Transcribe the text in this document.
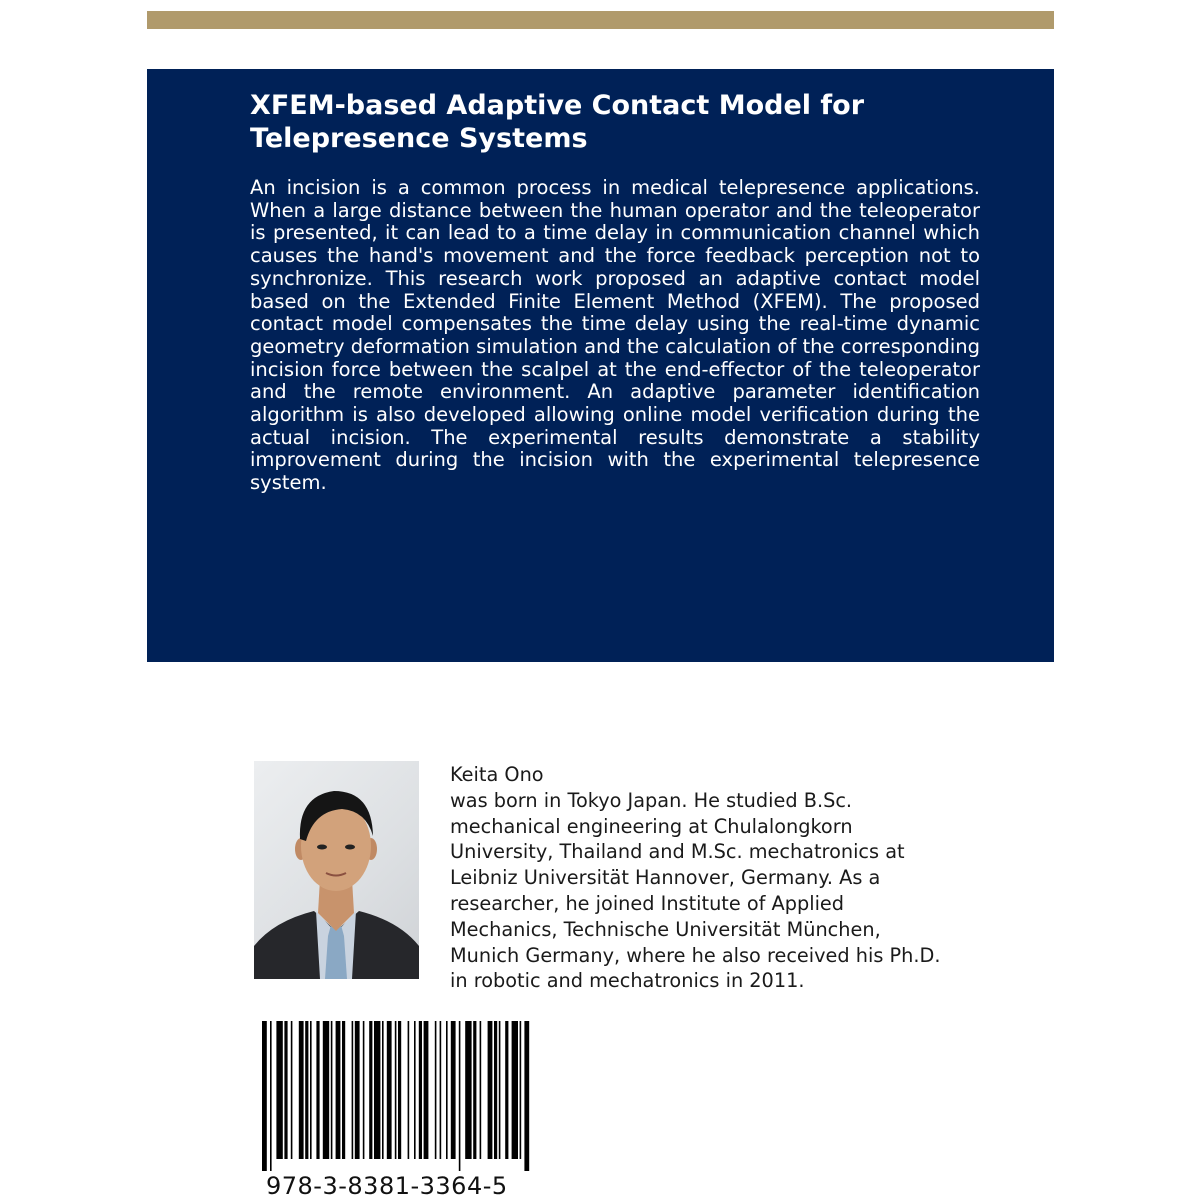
XFEM-based Adaptive Contact Model for Telepresence Systems

An incision is a common process in medical telepresence applications. When a large distance between the human operator and the teleoperator is presented, it can lead to a time delay in communication channel which causes the hand's movement and the force feedback perception not to synchronize. This research work proposed an adaptive contact model based on the Extended Finite Element Method (XFEM). The proposed contact model compensates the time delay using the real-time dynamic geometry deformation simulation and the calculation of the corresponding incision force between the scalpel at the end-effector of the teleoperator and the remote environment. An adaptive parameter identification algorithm is also developed allowing online model verification during the actual incision. The experimental results demonstrate a stability improvement during the incision with the experimental telepresence system.

Keita Ono
was born in Tokyo Japan. He studied B.Sc.
mechanical engineering at Chulalongkorn
University, Thailand and M.Sc. mechatronics at
Leibniz Universität Hannover, Germany. As a
researcher, he joined Institute of Applied
Mechanics, Technische Universität München,
Munich Germany, where he also received his Ph.D.
in robotic and mechatronics in 2011.
978-3-8381-3364-5
